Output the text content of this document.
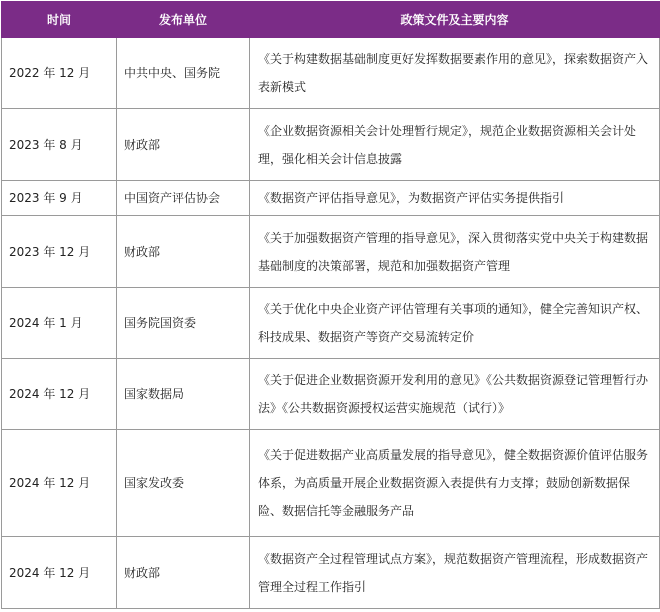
时间	发布单位	政策文件及主要内容
2022 年 12 月	中共中央、国务院	《关于构建数据基础制度更好发挥数据要素作用的意见》，探索数据资产入表新模式
2023 年 8 月	财政部	《企业数据资源相关会计处理暂行规定》，规范企业数据资源相关会计处理，强化相关会计信息披露
2023 年 9 月	中国资产评估协会	《数据资产评估指导意见》，为数据资产评估实务提供指引
2023 年 12 月	财政部	《关于加强数据资产管理的指导意见》，深入贯彻落实党中央关于构建数据基础制度的决策部署，规范和加强数据资产管理
2024 年 1 月	国务院国资委	《关于优化中央企业资产评估管理有关事项的通知》，健全完善知识产权、科技成果、数据资产等资产交易流转定价
2024 年 12 月	国家数据局	《关于促进企业数据资源开发利用的意见》《公共数据资源登记管理暂行办法》《公共数据资源授权运营实施规范（试行）》
2024 年 12 月	国家发改委	《关于促进数据产业高质量发展的指导意见》，健全数据资源价值评估服务体系，为高质量开展企业数据资源入表提供有力支撑；鼓励创新数据保险、数据信托等金融服务产品
2024 年 12 月	财政部	《数据资产全过程管理试点方案》，规范数据资产管理流程，形成数据资产管理全过程工作指引
